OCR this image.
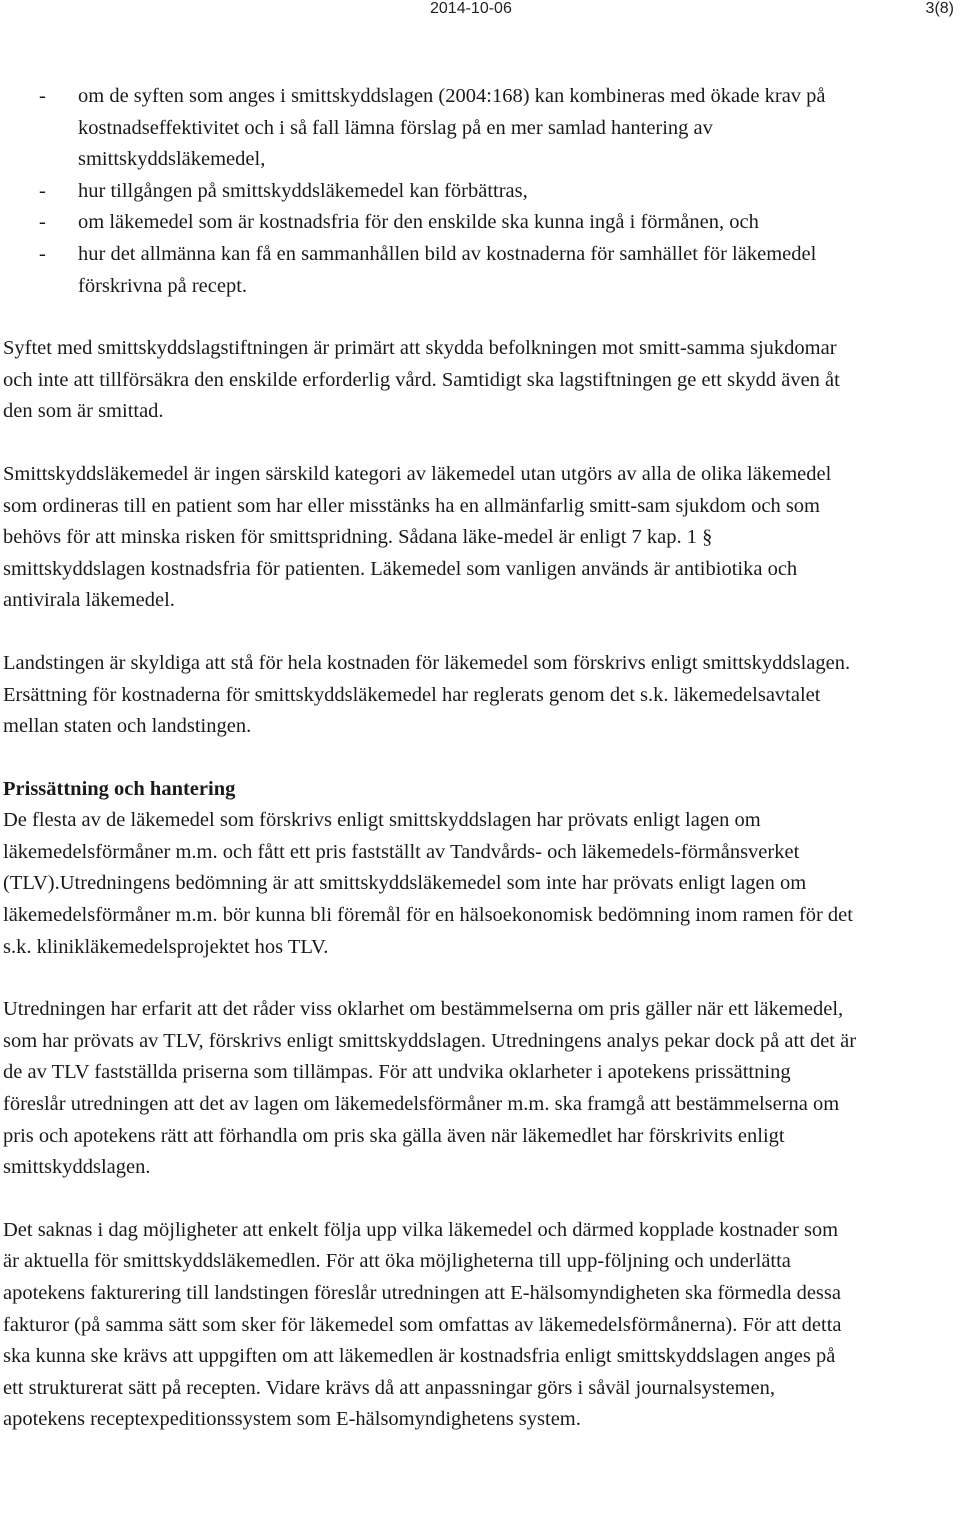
2014-10-06	3(8)
- om de syften som anges i smittskyddslagen (2004:168) kan kombineras med ökade krav på kostnadseffektivitet och i så fall lämna förslag på en mer samlad hantering av smittskyddsläkemedel,
- hur tillgången på smittskyddsläkemedel kan förbättras,
- om läkemedel som är kostnadsfria för den enskilde ska kunna ingå i förmånen, och
- hur det allmänna kan få en sammanhållen bild av kostnaderna för samhället för läkemedel förskrivna på recept.

Syftet med smittskyddslagstiftningen är primärt att skydda befolkningen mot smitt-samma sjukdomar och inte att tillförsäkra den enskilde erforderlig vård. Samtidigt ska lagstiftningen ge ett skydd även åt den som är smittad.

Smittskyddsläkemedel är ingen särskild kategori av läkemedel utan utgörs av alla de olika läkemedel som ordineras till en patient som har eller misstänks ha en allmänfarlig smitt-sam sjukdom och som behövs för att minska risken för smittspridning. Sådana läke-medel är enligt 7 kap. 1 § smittskyddslagen kostnadsfria för patienten. Läkemedel som vanligen används är antibiotika och antivirala läkemedel.

Landstingen är skyldiga att stå för hela kostnaden för läkemedel som förskrivs enligt smittskyddslagen. Ersättning för kostnaderna för smittskyddsläkemedel har reglerats genom det s.k. läkemedelsavtalet mellan staten och landstingen.

Prissättning och hantering

De flesta av de läkemedel som förskrivs enligt smittskyddslagen har prövats enligt lagen om läkemedelsförmåner m.m. och fått ett pris fastställt av Tandvårds- och läkemedels-förmånsverket (TLV).Utredningens bedömning är att smittskyddsläkemedel som inte har prövats enligt lagen om läkemedelsförmåner m.m. bör kunna bli föremål för en hälsoekonomisk bedömning inom ramen för det s.k. klinikläkemedelsprojektet hos TLV.

Utredningen har erfarit att det råder viss oklarhet om bestämmelserna om pris gäller när ett läkemedel, som har prövats av TLV, förskrivs enligt smittskyddslagen. Utredningens analys pekar dock på att det är de av TLV fastställda priserna som tillämpas. För att undvika oklarheter i apotekens prissättning föreslår utredningen att det av lagen om läkemedelsförmåner m.m. ska framgå att bestämmelserna om pris och apotekens rätt att förhandla om pris ska gälla även när läkemedlet har förskrivits enligt smittskyddslagen.

Det saknas i dag möjligheter att enkelt följa upp vilka läkemedel och därmed kopplade kostnader som är aktuella för smittskyddsläkemedlen. För att öka möjligheterna till upp-följning och underlätta apotekens fakturering till landstingen föreslår utredningen att E-hälsomyndigheten ska förmedla dessa fakturor (på samma sätt som sker för läkemedel som omfattas av läkemedelsförmånerna). För att detta ska kunna ske krävs att uppgiften om att läkemedlen är kostnadsfria enligt smittskyddslagen anges på ett strukturerat sätt på recepten. Vidare krävs då att anpassningar görs i såväl journalsystemen, apotekens receptexpeditionssystem som E-hälsomyndighetens system.
